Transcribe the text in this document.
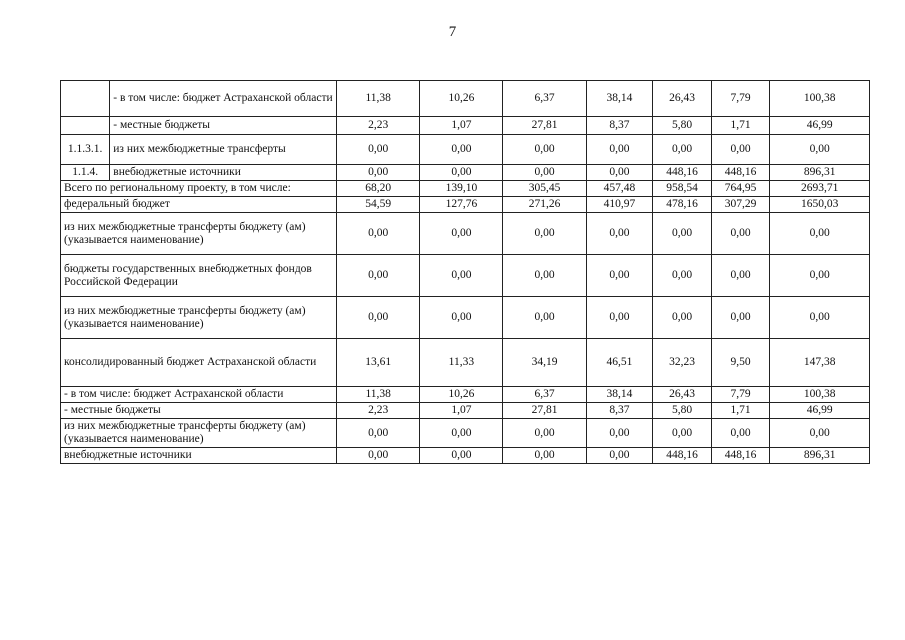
7
	- в том числе: бюджет Астраханской области	11,38	10,26	6,37	38,14	26,43	7,79	100,38
	- местные бюджеты	2,23	1,07	27,81	8,37	5,80	1,71	46,99
1.1.3.1.	из них межбюджетные трансферты	0,00	0,00	0,00	0,00	0,00	0,00	0,00
1.1.4.	внебюджетные источники	0,00	0,00	0,00	0,00	448,16	448,16	896,31
Всего по региональному проекту, в том числе:		68,20	139,10	305,45	457,48	958,54	764,95	2693,71
федеральный бюджет		54,59	127,76	271,26	410,97	478,16	307,29	1650,03
из них межбюджетные трансферты бюджету (ам) (указывается наименование)		0,00	0,00	0,00	0,00	0,00	0,00	0,00
бюджеты государственных внебюджетных фондов Российской Федерации		0,00	0,00	0,00	0,00	0,00	0,00	0,00
из них межбюджетные трансферты бюджету (ам) (указывается наименование)		0,00	0,00	0,00	0,00	0,00	0,00	0,00
консолидированный бюджет Астраханской области		13,61	11,33	34,19	46,51	32,23	9,50	147,38
- в том числе: бюджет Астраханской области		11,38	10,26	6,37	38,14	26,43	7,79	100,38
- местные бюджеты		2,23	1,07	27,81	8,37	5,80	1,71	46,99
из них межбюджетные трансферты бюджету (ам) (указывается наименование)		0,00	0,00	0,00	0,00	0,00	0,00	0,00
внебюджетные источники		0,00	0,00	0,00	0,00	448,16	448,16	896,31
